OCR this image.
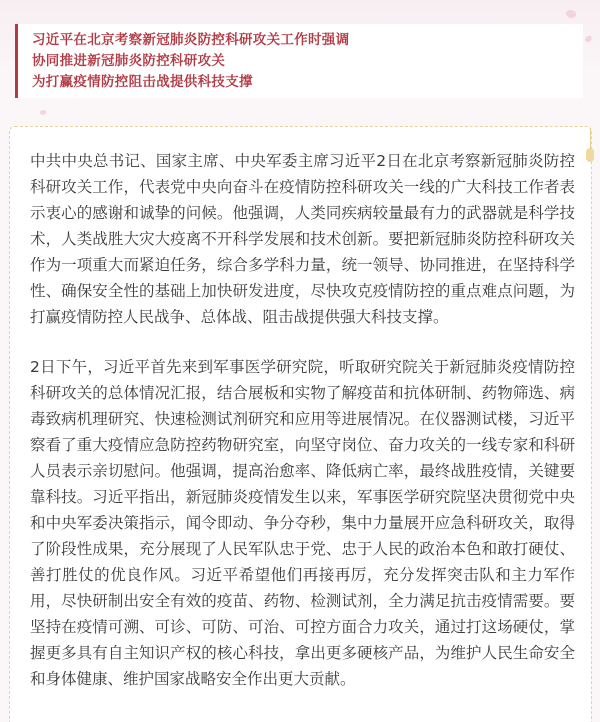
习近平在北京考察新冠肺炎防控科研攻关工作时强调
协同推进新冠肺炎防控科研攻关
为打赢疫情防控阻击战提供科技支撑

中共中央总书记、国家主席、中央军委主席习近平2日在北京考察新冠肺炎防控科研攻关工作，代表党中央向奋斗在疫情防控科研攻关一线的广大科技工作者表示衷心的感谢和诚挚的问候。他强调，人类同疾病较量最有力的武器就是科学技术，人类战胜大灾大疫离不开科学发展和技术创新。要把新冠肺炎防控科研攻关作为一项重大而紧迫任务，综合多学科力量，统一领导、协同推进，在坚持科学性、确保安全性的基础上加快研发进度，尽快攻克疫情防控的重点难点问题，为打赢疫情防控人民战争、总体战、阻击战提供强大科技支撑。

2日下午，习近平首先来到军事医学研究院，听取研究院关于新冠肺炎疫情防控科研攻关的总体情况汇报，结合展板和实物了解疫苗和抗体研制、药物筛选、病毒致病机理研究、快速检测试剂研究和应用等进展情况。在仪器测试楼，习近平察看了重大疫情应急防控药物研究室，向坚守岗位、奋力攻关的一线专家和科研人员表示亲切慰问。他强调，提高治愈率、降低病亡率，最终战胜疫情，关键要靠科技。习近平指出，新冠肺炎疫情发生以来，军事医学研究院坚决贯彻党中央和中央军委决策指示，闻令即动、争分夺秒，集中力量展开应急科研攻关，取得了阶段性成果，充分展现了人民军队忠于党、忠于人民的政治本色和敢打硬仗、善打胜仗的优良作风。习近平希望他们再接再厉，充分发挥突击队和主力军作用，尽快研制出安全有效的疫苗、药物、检测试剂，全力满足抗击疫情需要。要坚持在疫情可溯、可诊、可防、可治、可控方面合力攻关，通过打这场硬仗，掌握更多具有自主知识产权的核心科技，拿出更多硬核产品，为维护人民生命安全和身体健康、维护国家战略安全作出更大贡献。
